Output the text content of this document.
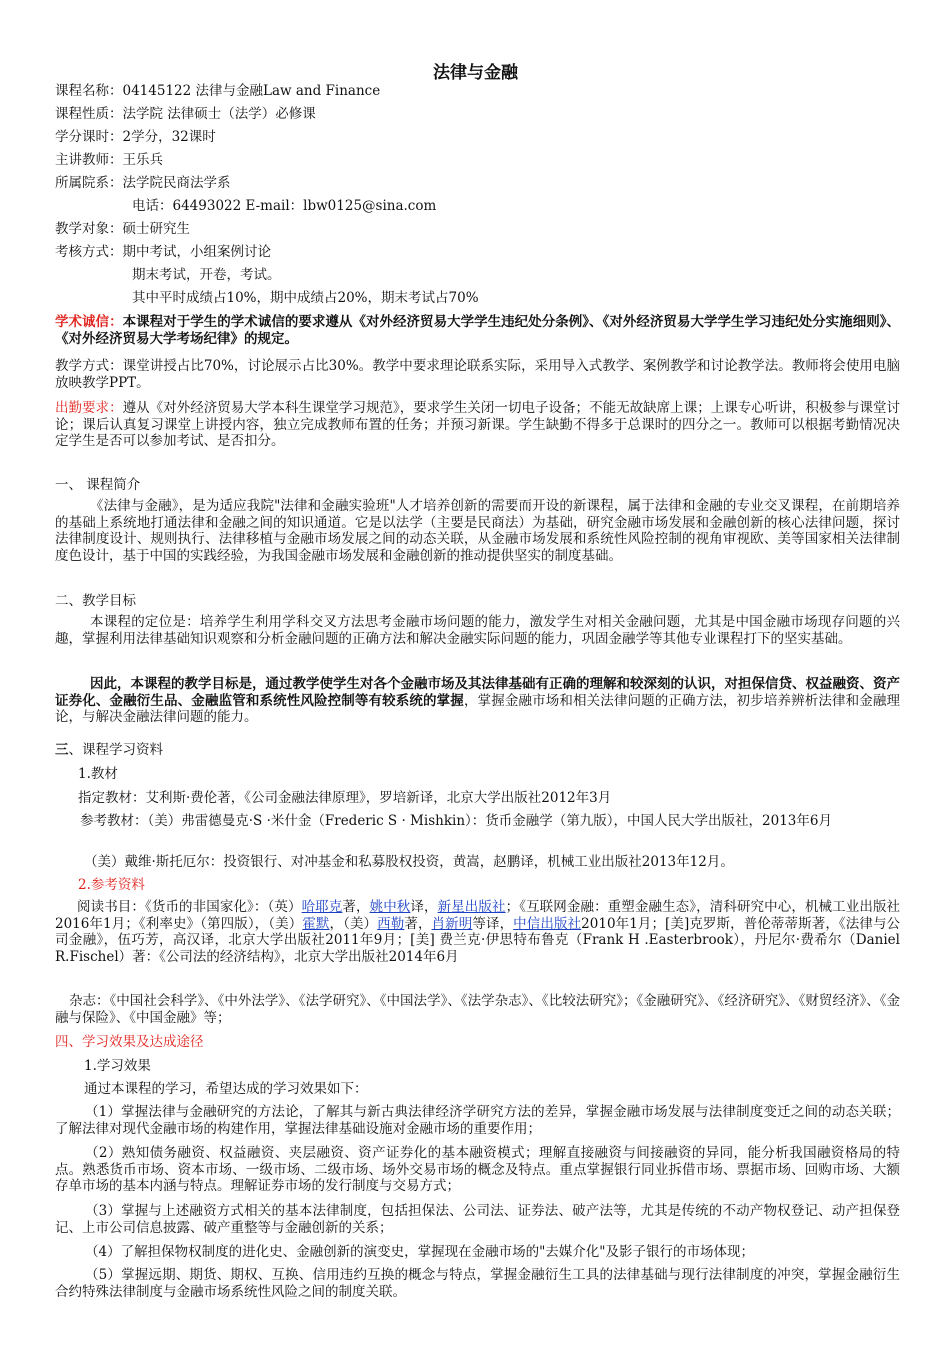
法律与金融
课程名称：04145122 法律与金融Law and Finance
课程性质：法学院 法律硕士（法学）必修课
学分课时：2学分，32课时
主讲教师：王乐兵
所属院系：法学院民商法学系
电话：64493022 E-mail：lbw0125@sina.com
教学对象：硕士研究生
考核方式：期中考试，小组案例讨论
期末考试，开卷，考试。
其中平时成绩占10%，期中成绩占20%，期末考试占70%
学术诚信：本课程对于学生的学术诚信的要求遵从《对外经济贸易大学学生违纪处分条例》、《对外经济贸易大学学生学习违纪处分实施细则》、《对外经济贸易大学考场纪律》的规定。
教学方式：课堂讲授占比70%，讨论展示占比30%。教学中要求理论联系实际，采用导入式教学、案例教学和讨论教学法。教师将会使用电脑放映教学PPT。
出勤要求：遵从《对外经济贸易大学本科生课堂学习规范》，要求学生关闭一切电子设备；不能无故缺席上课；上课专心听讲，积极参与课堂讨论；课后认真复习课堂上讲授内容，独立完成教师布置的任务；并预习新课。学生缺勤不得多于总课时的四分之一。教师可以根据考勤情况决定学生是否可以参加考试、是否扣分。
一、 课程简介
《法律与金融》，是为适应我院"法律和金融实验班"人才培养创新的需要而开设的新课程，属于法律和金融的专业交叉课程，在前期培养的基础上系统地打通法律和金融之间的知识通道。它是以法学（主要是民商法）为基础，研究金融市场发展和金融创新的核心法律问题，探讨法律制度设计、规则执行、法律移植与金融市场发展之间的动态关联，从金融市场发展和系统性风险控制的视角审视欧、美等国家相关法律制度色设计，基于中国的实践经验，为我国金融市场发展和金融创新的推动提供坚实的制度基础。
二、教学目标
本课程的定位是：培养学生利用学科交叉方法思考金融市场问题的能力，激发学生对相关金融问题，尤其是中国金融市场现存问题的兴趣，掌握利用法律基础知识观察和分析金融问题的正确方法和解决金融实际问题的能力，巩固金融学等其他专业课程打下的坚实基础。
因此，本课程的教学目标是，通过教学使学生对各个金融市场及其法律基础有正确的理解和较深刻的认识，对担保信贷、权益融资、资产证券化、金融衍生品、金融监管和系统性风险控制等有较系统的掌握，掌握金融市场和相关法律问题的正确方法，初步培养辨析法律和金融理论，与解决金融法律问题的能力。
三、课程学习资料
1.教材
指定教材：艾利斯·费伦著，《公司金融法律原理》，罗培新译，北京大学出版社2012年3月
参考教材：（美）弗雷德曼克·S ·米什金（Frederic S · Mishkin）：货币金融学（第九版），中国人民大学出版社，2013年6月
（美）戴维·斯托厄尔：投资银行、对冲基金和私募股权投资，黄嵩，赵鹏译，机械工业出版社2013年12月。
2.参考资料
阅读书目：《货币的非国家化》：（英）哈耶克著，姚中秋译，新星出版社；《互联网金融：重塑金融生态》，清科研究中心，机械工业出版社2016年1月；《利率史》（第四版），（美）霍默，（美）西勒著，肖新明等译，中信出版社2010年1月；[美]克罗斯，普伦蒂蒂斯著，《法律与公司金融》，伍巧芳，高汉译，北京大学出版社2011年9月；[美] 费兰克·伊思特布鲁克（Frank H .Easterbrook），丹尼尔·费希尔（Daniel R.Fischel）著：《公司法的经济结构》，北京大学出版社2014年6月
杂志：《中国社会科学》、《中外法学》、《法学研究》、《中国法学》、《法学杂志》、《比较法研究》；《金融研究》、《经济研究》、《财贸经济》、《金融与保险》、《中国金融》等；
四、学习效果及达成途径
1.学习效果
通过本课程的学习，希望达成的学习效果如下：
（1）掌握法律与金融研究的方法论，了解其与新古典法律经济学研究方法的差异，掌握金融市场发展与法律制度变迁之间的动态关联；了解法律对现代金融市场的构建作用，掌握法律基础设施对金融市场的重要作用；
（2）熟知债务融资、权益融资、夹层融资、资产证券化的基本融资模式；理解直接融资与间接融资的异同，能分析我国融资格局的特点。熟悉货币市场、资本市场、一级市场、二级市场、场外交易市场的概念及特点。重点掌握银行同业拆借市场、票据市场、回购市场、大额存单市场的基本内涵与特点。理解证券市场的发行制度与交易方式；
（3）掌握与上述融资方式相关的基本法律制度，包括担保法、公司法、证券法、破产法等，尤其是传统的不动产物权登记、动产担保登记、上市公司信息披露、破产重整等与金融创新的关系；
（4）了解担保物权制度的进化史、金融创新的演变史，掌握现在金融市场的"去媒介化"及影子银行的市场体现；
（5）掌握远期、期货、期权、互换、信用违约互换的概念与特点，掌握金融衍生工具的法律基础与现行法律制度的冲突，掌握金融衍生合约特殊法律制度与金融市场系统性风险之间的制度关联。
